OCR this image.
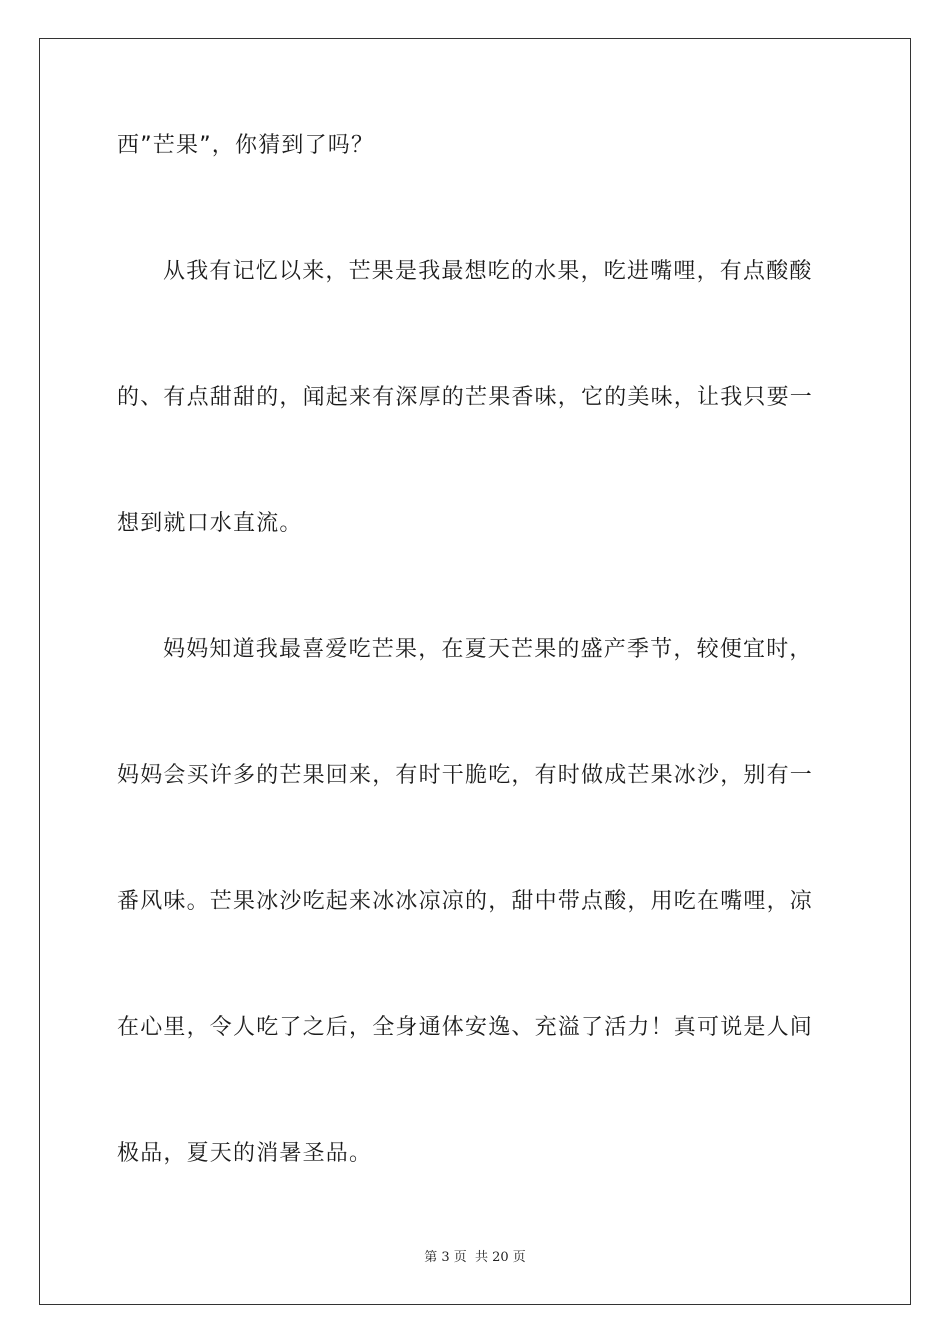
西”芒果”，你猜到了吗？
从我有记忆以来，芒果是我最想吃的水果，吃进嘴哩，有点酸酸
的、有点甜甜的，闻起来有深厚的芒果香味，它的美味，让我只要一
想到就口水直流。
妈妈知道我最喜爱吃芒果，在夏天芒果的盛产季节，较便宜时，
妈妈会买许多的芒果回来，有时干脆吃，有时做成芒果冰沙，别有一
番风味。芒果冰沙吃起来冰冰凉凉的，甜中带点酸，用吃在嘴哩，凉
在心里，令人吃了之后，全身通体安逸、充溢了活力！真可说是人间
极品，夏天的消暑圣品。
第 3 页 共 20 页
